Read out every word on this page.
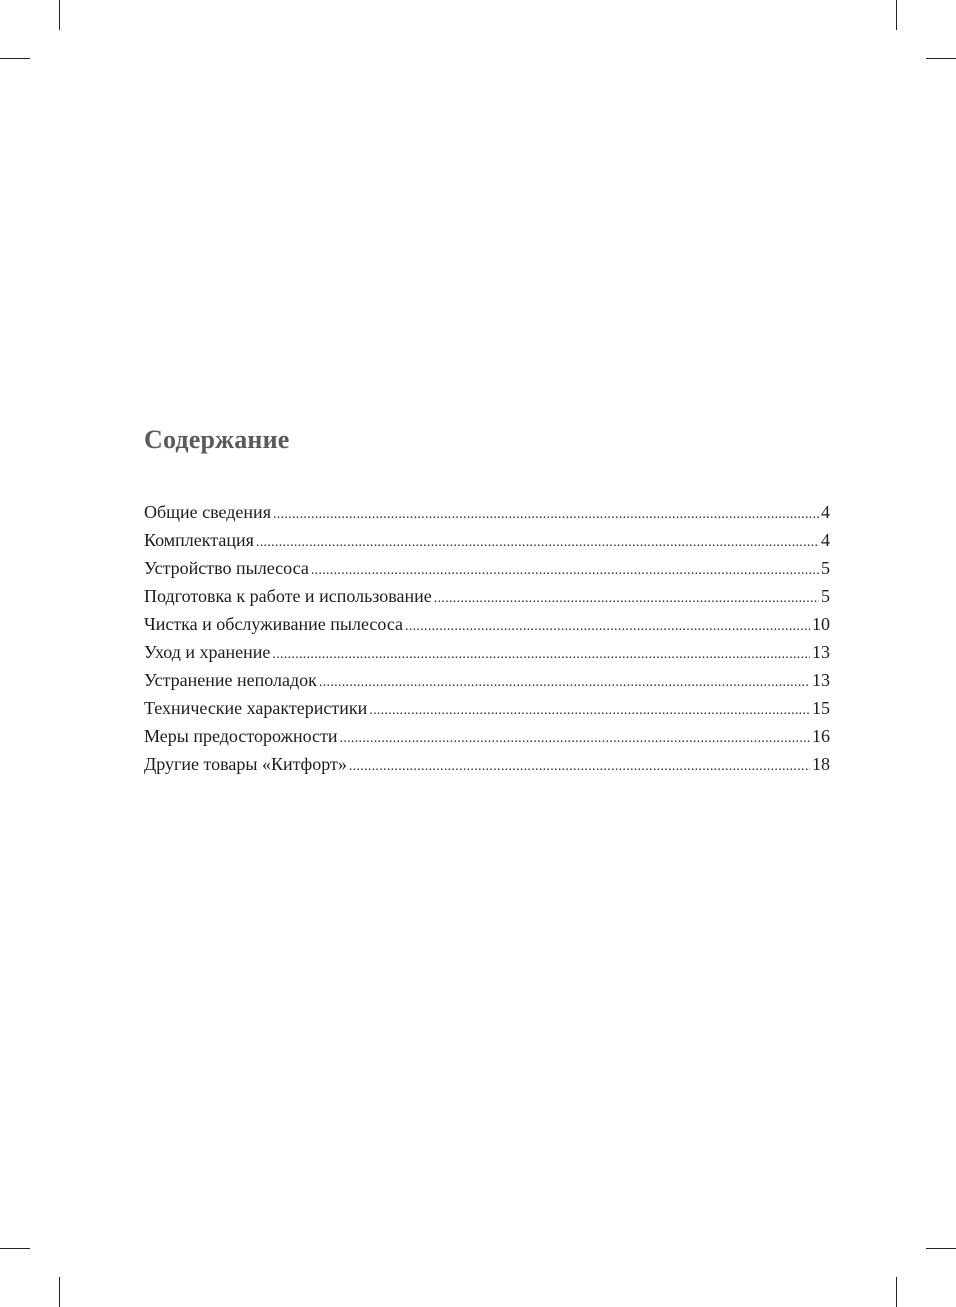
Содержание
Общие сведения .....	4
Комплектация .....	4
Устройство пылесоса .....	5
Подготовка к работе и использование .....	5
Чистка и обслуживание пылесоса .....	10
Уход и хранение .....	13
Устранение неполадок .....	13
Технические характеристики .....	15
Меры предосторожности .....	16
Другие товары «Китфорт» .....	18
